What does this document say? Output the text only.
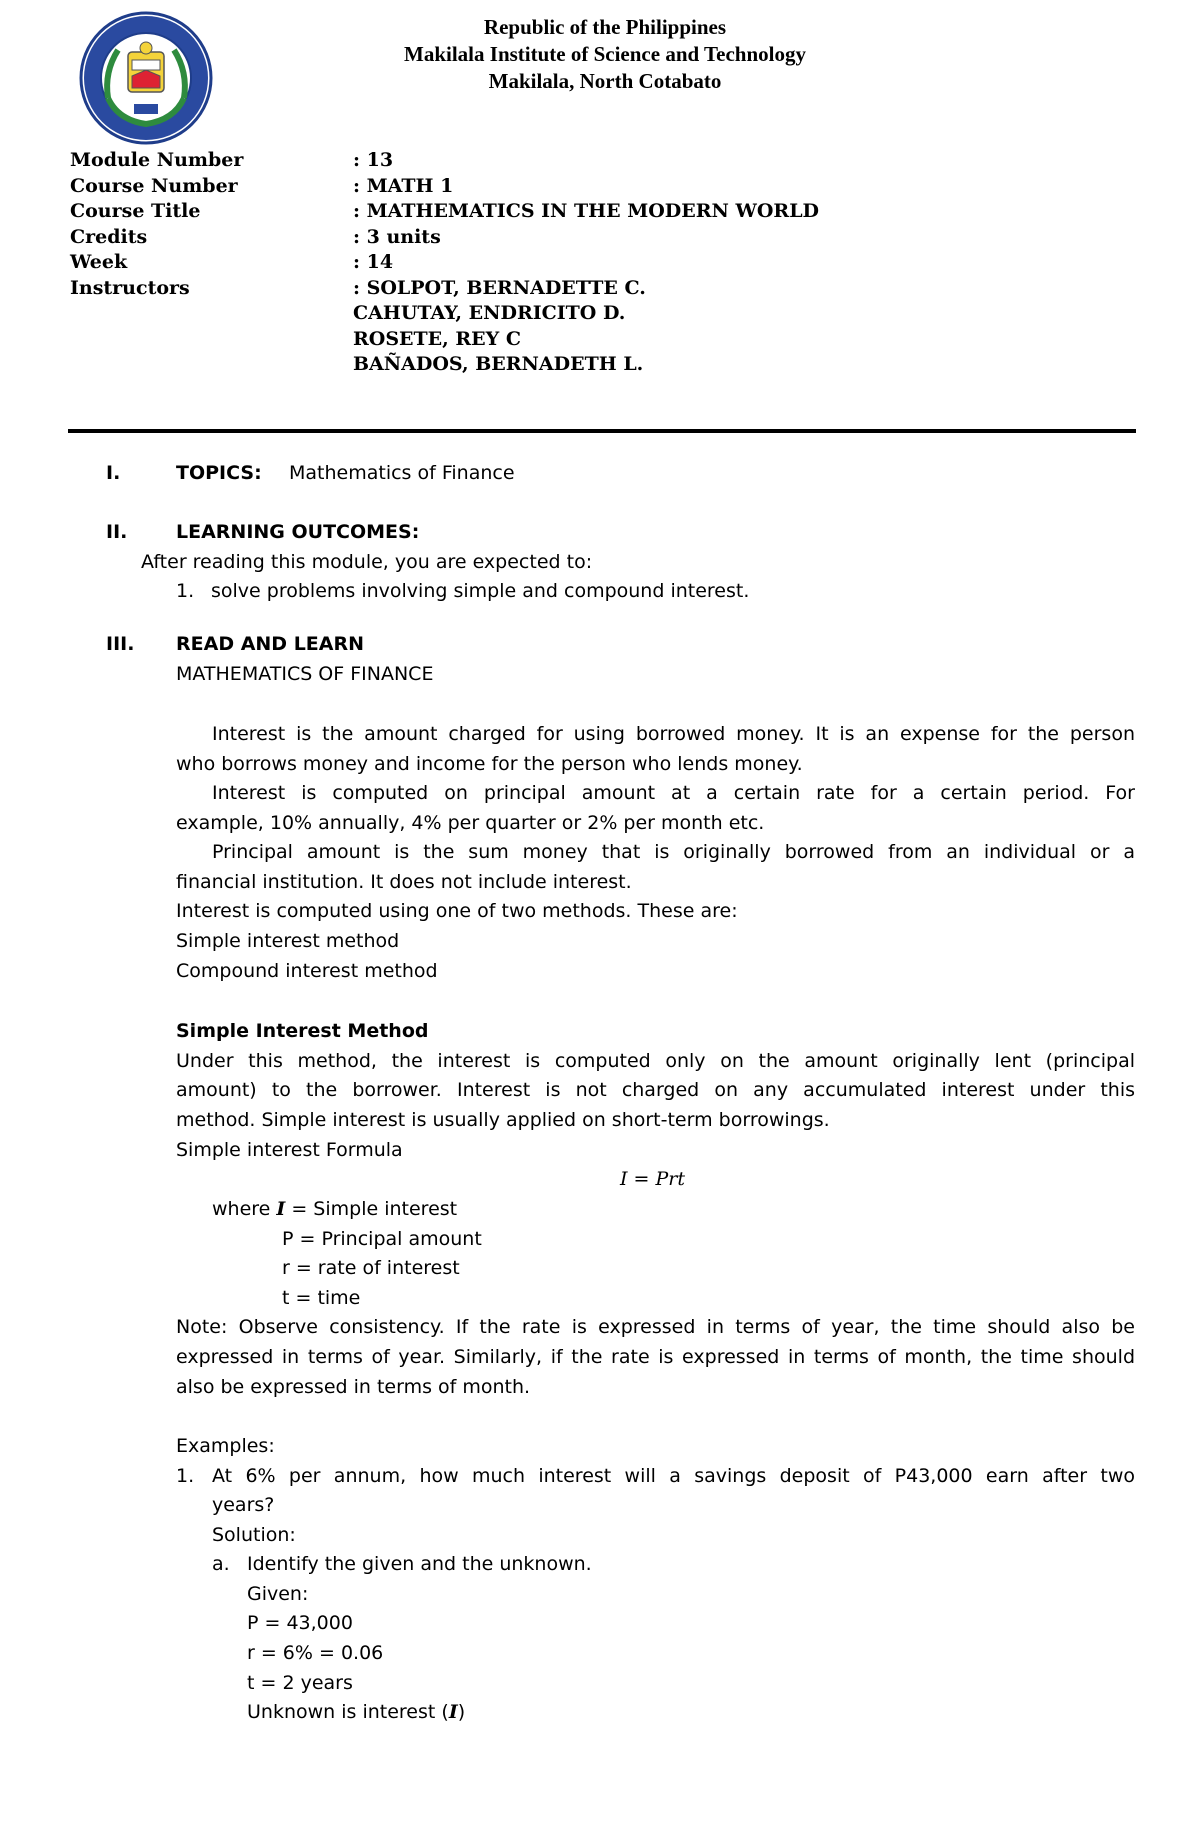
Republic of the Philippines
Makilala Institute of Science and Technology
Makilala, North Cotabato
Module Number	: 13
Course Number	: MATH 1
Course Title	: MATHEMATICS IN THE MODERN WORLD
Credits	: 3 units
Week	: 14
Instructors	: SOLPOT, BERNADETTE C.
CAHUTAY, ENDRICITO D.
ROSETE, REY C
BAÑADOS, BERNADETH L.
I.	TOPICS: Mathematics of Finance
II.	LEARNING OUTCOMES:
After reading this module, you are expected to:
1. solve problems involving simple and compound interest.
III. READ AND LEARN
MATHEMATICS OF FINANCE
Interest is the amount charged for using borrowed money. It is an expense for the person
who borrows money and income for the person who lends money.
Interest is computed on principal amount at a certain rate for a certain period. For
example, 10% annually, 4% per quarter or 2% per month etc.
Principal amount is the sum money that is originally borrowed from an individual or a
financial institution. It does not include interest.
Interest is computed using one of two methods. These are:
Simple interest method
Compound interest method
Simple Interest Method
Under this method, the interest is computed only on the amount originally lent (principal
amount) to the borrower. Interest is not charged on any accumulated interest under this
method. Simple interest is usually applied on short-term borrowings.
Simple interest Formula
I = Prt
where I = Simple interest
P = Principal amount
r = rate of interest
t = time
Note: Observe consistency. If the rate is expressed in terms of year, the time should also be
expressed in terms of year. Similarly, if the rate is expressed in terms of month, the time should
also be expressed in terms of month.
Examples:
1. At 6% per annum, how much interest will a savings deposit of P43,000 earn after two
years?
Solution:
a. Identify the given and the unknown.
Given:
P = 43,000
r = 6% = 0.06
t = 2 years
Unknown is interest (I)
